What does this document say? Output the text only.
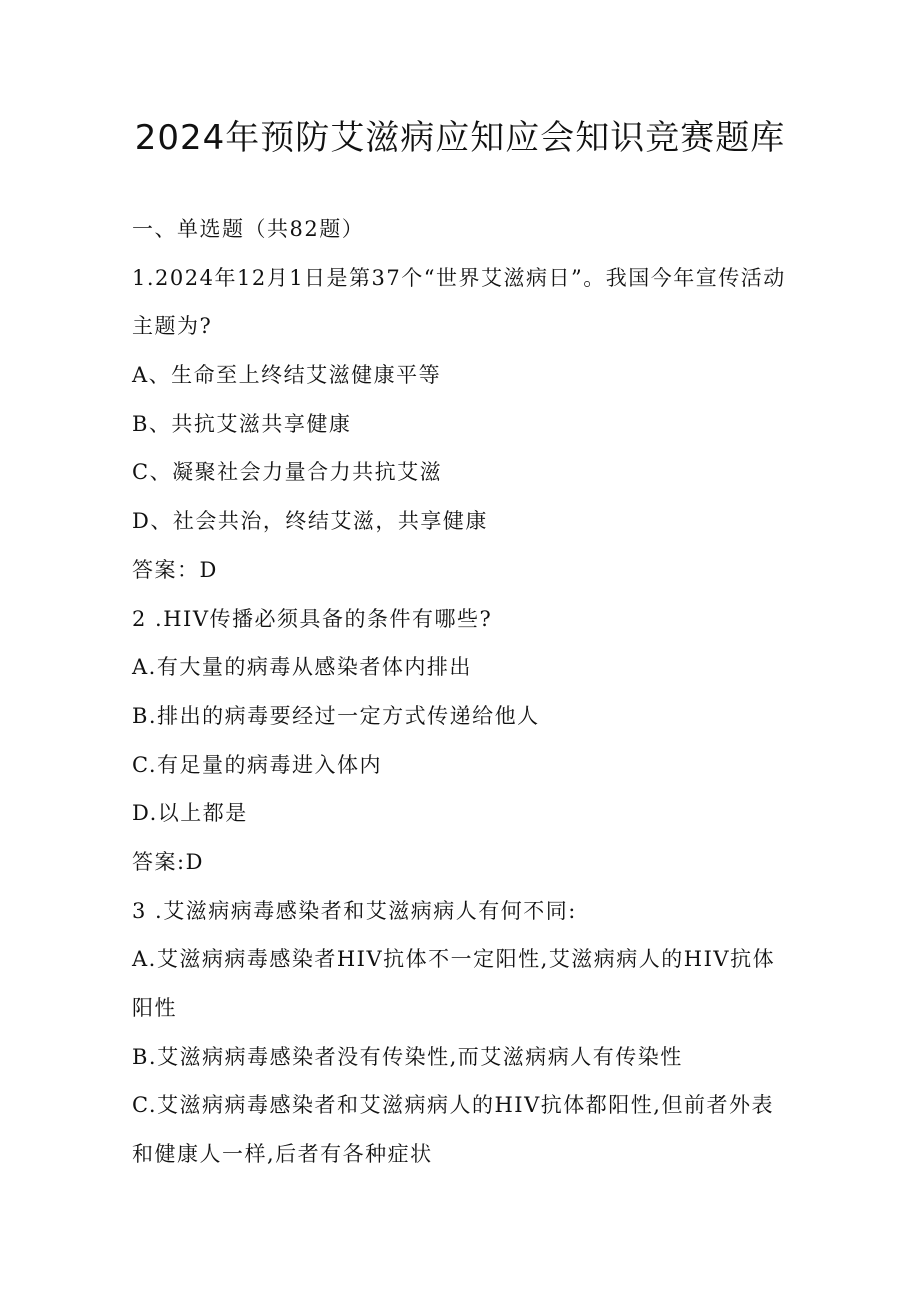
2024年预防艾滋病应知应会知识竞赛题库
一、单选题（共82题）
1.2024年12月1日是第37个“世界艾滋病日”。我国今年宣传活动
主题为?
A、生命至上终结艾滋健康平等
B、共抗艾滋共享健康
C、凝聚社会力量合力共抗艾滋
D、社会共治，终结艾滋，共享健康
答案：D
2 .HIV传播必须具备的条件有哪些?
A.有大量的病毒从感染者体内排出
B.排出的病毒要经过一定方式传递给他人
C.有足量的病毒进入体内
D.以上都是
答案:D
3 .艾滋病病毒感染者和艾滋病病人有何不同:
A.艾滋病病毒感染者HIV抗体不一定阳性,艾滋病病人的HIV抗体
阳性
B.艾滋病病毒感染者没有传染性,而艾滋病病人有传染性
C.艾滋病病毒感染者和艾滋病病人的HIV抗体都阳性,但前者外表
和健康人一样,后者有各种症状
